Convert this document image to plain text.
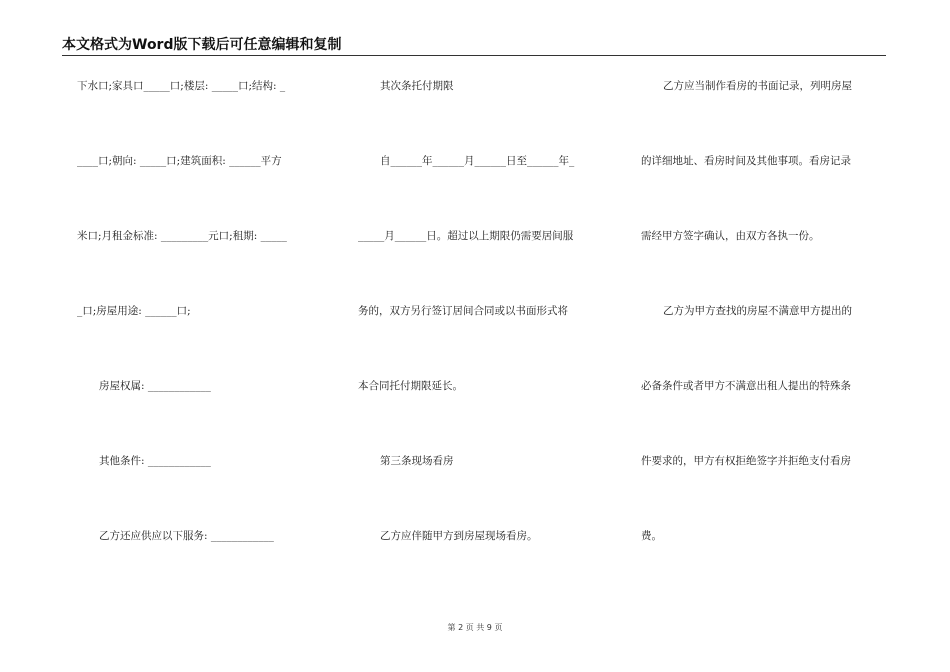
本文格式为Word版下载后可任意编辑和复制
下水口;家具口_____口;楼层: _____口;结构: _
____口;朝向: _____口;建筑面积: ______平方
米口;月租金标准: _________元口;租期: _____
_口;房屋用途: ______口;
房屋权属: ____________
其他条件: ____________
乙方还应供应以下服务: ____________
其次条托付期限
自______年______月______日至______年_
_____月______日。超过以上期限仍需要居间服
务的，双方另行签订居间合同或以书面形式将
本合同托付期限延长。
第三条现场看房
乙方应伴随甲方到房屋现场看房。
乙方应当制作看房的书面记录，列明房屋
的详细地址、看房时间及其他事项。看房记录
需经甲方签字确认，由双方各执一份。
乙方为甲方查找的房屋不满意甲方提出的
必备条件或者甲方不满意出租人提出的特殊条
件要求的，甲方有权拒绝签字并拒绝支付看房
费。
第 2 页 共 9 页
